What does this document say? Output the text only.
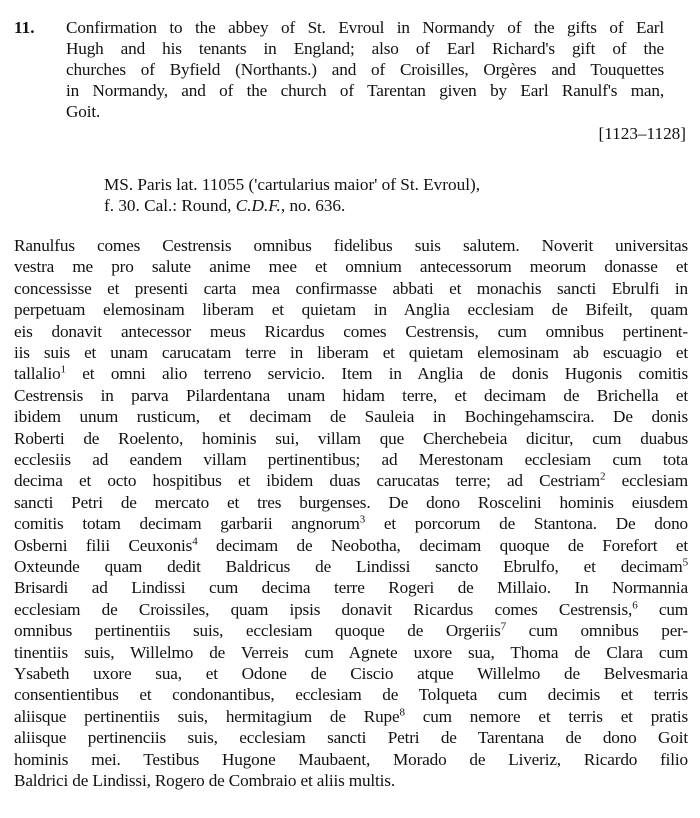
11. Confirmation to the abbey of St. Evroul in Normandy of the gifts of Earl
Hugh and his tenants in England; also of Earl Richard's gift of the
churches of Byfield (Northants.) and of Croisilles, Orgères and Touquettes
in Normandy, and of the church of Tarentan given by Earl Ranulf's man,
Goit.
[1123–1128]
MS. Paris lat. 11055 ('cartularius maior' of St. Evroul),
f. 30. Cal.: Round, C.D.F., no. 636.
Ranulfus comes Cestrensis omnibus fidelibus suis salutem. Noverit universitas
vestra me pro salute anime mee et omnium antecessorum meorum donasse et
concessisse et presenti carta mea confirmasse abbati et monachis sancti Ebrulfi in
perpetuam elemosinam liberam et quietam in Anglia ecclesiam de Bifeilt, quam
eis donavit antecessor meus Ricardus comes Cestrensis, cum omnibus pertinent-
iis suis et unam carucatam terre in liberam et quietam elemosinam ab escuagio et
tallalio$^1$ et omni alio terreno servicio. Item in Anglia de donis Hugonis comitis
Cestrensis in parva Pilardentana unam hidam terre, et decimam de Brichella et
ibidem unum rusticum, et decimam de Sauleia in Bochingehamscira. De donis
Roberti de Roelento, hominis sui, villam que Cherchebeia dicitur, cum duabus
ecclesiis ad eandem villam pertinentibus; ad Merestonam ecclesiam cum tota
decima et octo hospitibus et ibidem duas carucatas terre; ad Cestriam$^2$ ecclesiam
sancti Petri de mercato et tres burgenses. De dono Roscelini hominis eiusdem
comitis totam decimam garbarii angnorum$^3$ et porcorum de Stantona. De dono
Osberni filii Ceuxonis$^4$ decimam de Neobotha, decimam quoque de Forefort et
Oxteunde quam dedit Baldricus de Lindissi sancto Ebrulfo, et decimam$^5$
Brisardi ad Lindissi cum decima terre Rogeri de Millaio. In Normannia
ecclesiam de Croissiles, quam ipsis donavit Ricardus comes Cestrensis,$^6$ cum
omnibus pertinentiis suis, ecclesiam quoque de Orgeriis$^7$ cum omnibus per-
tinentiis suis, Willelmo de Verreis cum Agnete uxore sua, Thoma de Clara cum
Ysabeth uxore sua, et Odone de Ciscio atque Willelmo de Belvesmaria
consentientibus et condonantibus, ecclesiam de Tolqueta cum decimis et terris
aliisque pertinentiis suis, hermitagium de Rupe$^8$ cum nemore et terris et pratis
aliisque pertinenciis suis, ecclesiam sancti Petri de Tarentana de dono Goit
hominis mei. Testibus Hugone Maubaent, Morado de Liveriz, Ricardo filio
Baldrici de Lindissi, Rogero de Combraio et aliis multis.
